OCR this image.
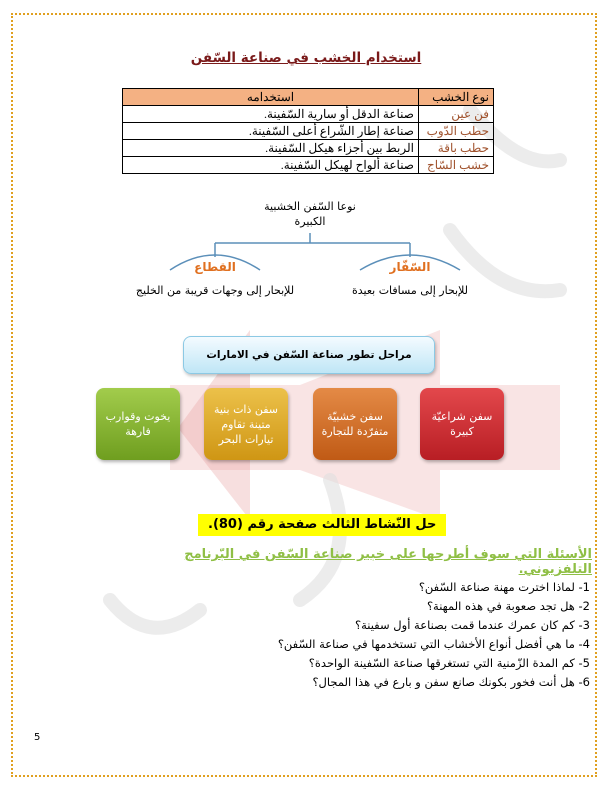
استخدام الخشب في صناعة السّفن
نوع الخشب	استخدامه
فن عين	صناعة الدقل أو سارية السّفينة.
حطب الدّوب	صناعة إطار الشّراع أعلى السّفينة.
حطب باقة	الربط بين أجزاء هيكل السّفينة.
خشب السّاج	صناعة ألواح لهيكل السّفينة.
نوعا السّفن الخشبية الكبيرة
السّفّار
للإبحار إلى مسافات بعيدة
القطاع
للإبحار إلى وجهات قريبة من الخليج
مراحل تطور صناعة السّفن في الامارات
سفن شراعيّة كبيرة
سفن خشبيّة متفرّدة للتجارة
سفن ذات بنية متينة تقاوم تيارات البحر
يخوت وقوارب فارهة
حل النّشاط الثالث صفحة رقم (80).
الأسئلة التي سوف أطرحها على خبير صناعة السّفن في البّرنامج التلفزيوني.
1- لماذا اخترت مهنة صناعة السّفن؟
2- هل تجد صعوبة في هذه المهنة؟
3- كم كان عمرك عندما قمت بصناعة أول سفينة؟
4- ما هي أفضل أنواع الأخشاب التي تستخدمها في صناعة السّفن؟
5- كم المدة الزّمنية التي تستغرقها صناعة السّفينة الواحدة؟
6- هل أنت فخور بكونك صانع سفن و بارع في هذا المجال؟
5
